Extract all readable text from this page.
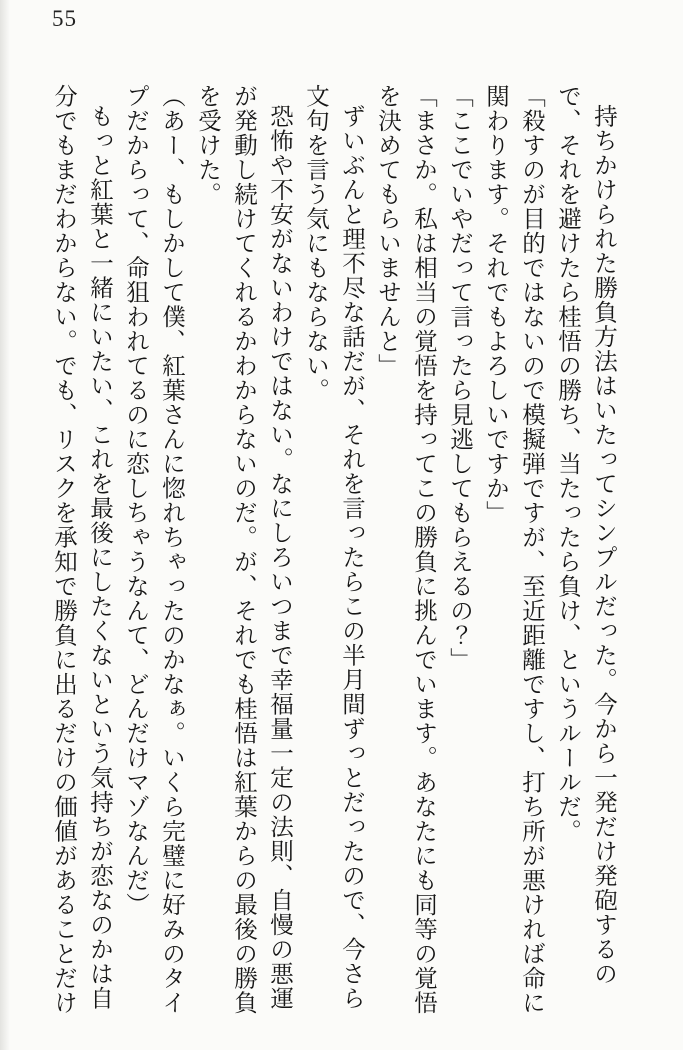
55

持ちかけられた勝負方法はいたってシンプルだった。今から一発だけ発砲するので、それを避けたら桂悟の勝ち、当たったら負け、というルールだ。

「殺すのが目的ではないので模擬弾ですが、至近距離ですし、打ち所が悪ければ命に関わります。それでもよろしいですか」

「ここでいやだって言ったら見逃してもらえるの？」

「まさか。私は相当の覚悟を持ってこの勝負に挑んでいます。あなたにも同等の覚悟を決めてもらいませんと」

ずいぶんと理不尽な話だが、それを言ったらこの半月間ずっとだったので、今さら文句を言う気にもならない。

恐怖や不安がないわけではない。なにしろいつまで幸福量一定の法則、自慢の悪運が発動し続けてくれるかわからないのだ。が、それでも桂悟は紅葉からの最後の勝負を受けた。

（あー、もしかして僕、紅葉さんに惚れちゃったのかなぁ。いくら完璧に好みのタイプだからって、命狙われてるのに恋しちゃうなんて、どんだけマゾなんだ）

もっと紅葉と一緒にいたい、これを最後にしたくないという気持ちが恋なのかは自分でもまだわからない。でも、リスクを承知で勝負に出るだけの価値があることだけ
